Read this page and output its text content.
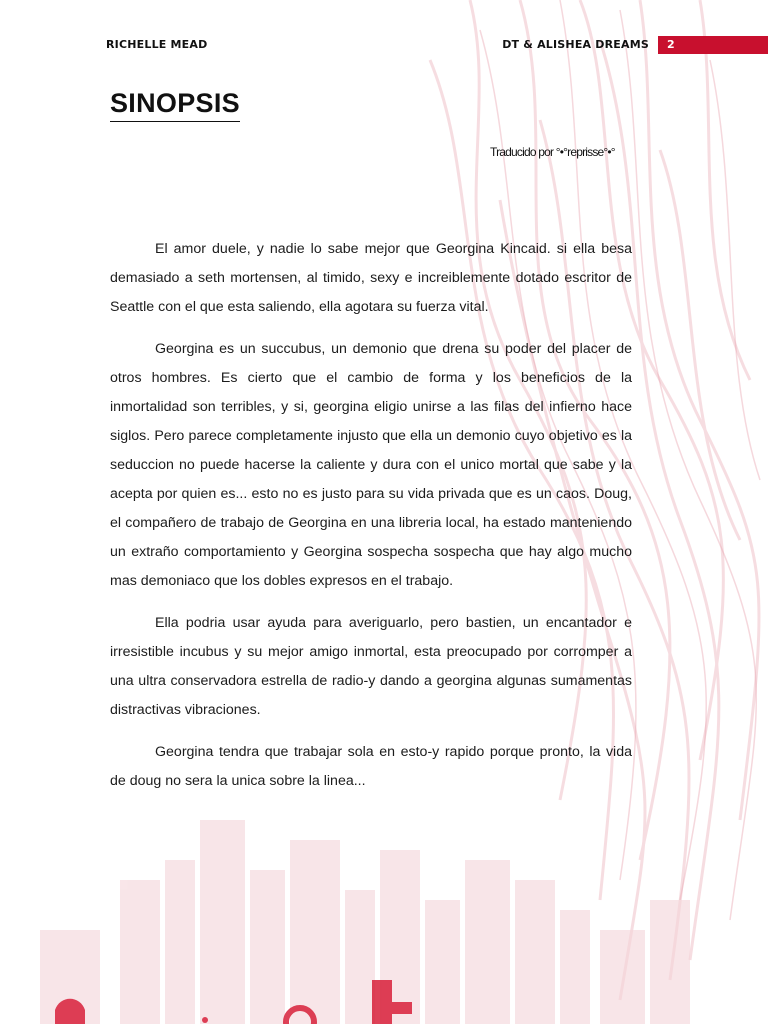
RICHELLE MEAD	DT & ALISHEA DREAMS 2
SINOPSIS
Traducido por °•°reprisse°•°

El amor duele, y nadie lo sabe mejor que Georgina Kincaid. si ella besa demasiado a seth mortensen, al timido, sexy e increiblemente dotado escritor de Seattle con el que esta saliendo, ella agotara su fuerza vital.

Georgina es un succubus, un demonio que drena su poder del placer de otros hombres. Es cierto que el cambio de forma y los beneficios de la inmortalidad son terribles, y si, georgina eligio unirse a las filas del infierno hace siglos. Pero parece completamente injusto que ella un demonio cuyo objetivo es la seduccion no puede hacerse la caliente y dura con el unico mortal que sabe y la acepta por quien es... esto no es justo para su vida privada que es un caos. Doug, el compañero de trabajo de Georgina en una libreria local, ha estado manteniendo un extraño comportamiento y Georgina sospecha sospecha que hay algo mucho mas demoniaco que los dobles expresos en el trabajo.

Ella podria usar ayuda para averiguarlo, pero bastien, un encantador e irresistible incubus y su mejor amigo inmortal, esta preocupado por corromper a una ultra conservadora estrella de radio-y dando a georgina algunas sumamentas distractivas vibraciones.

Georgina tendra que trabajar sola en esto-y rapido porque pronto, la vida de doug no sera la unica sobre la linea...
